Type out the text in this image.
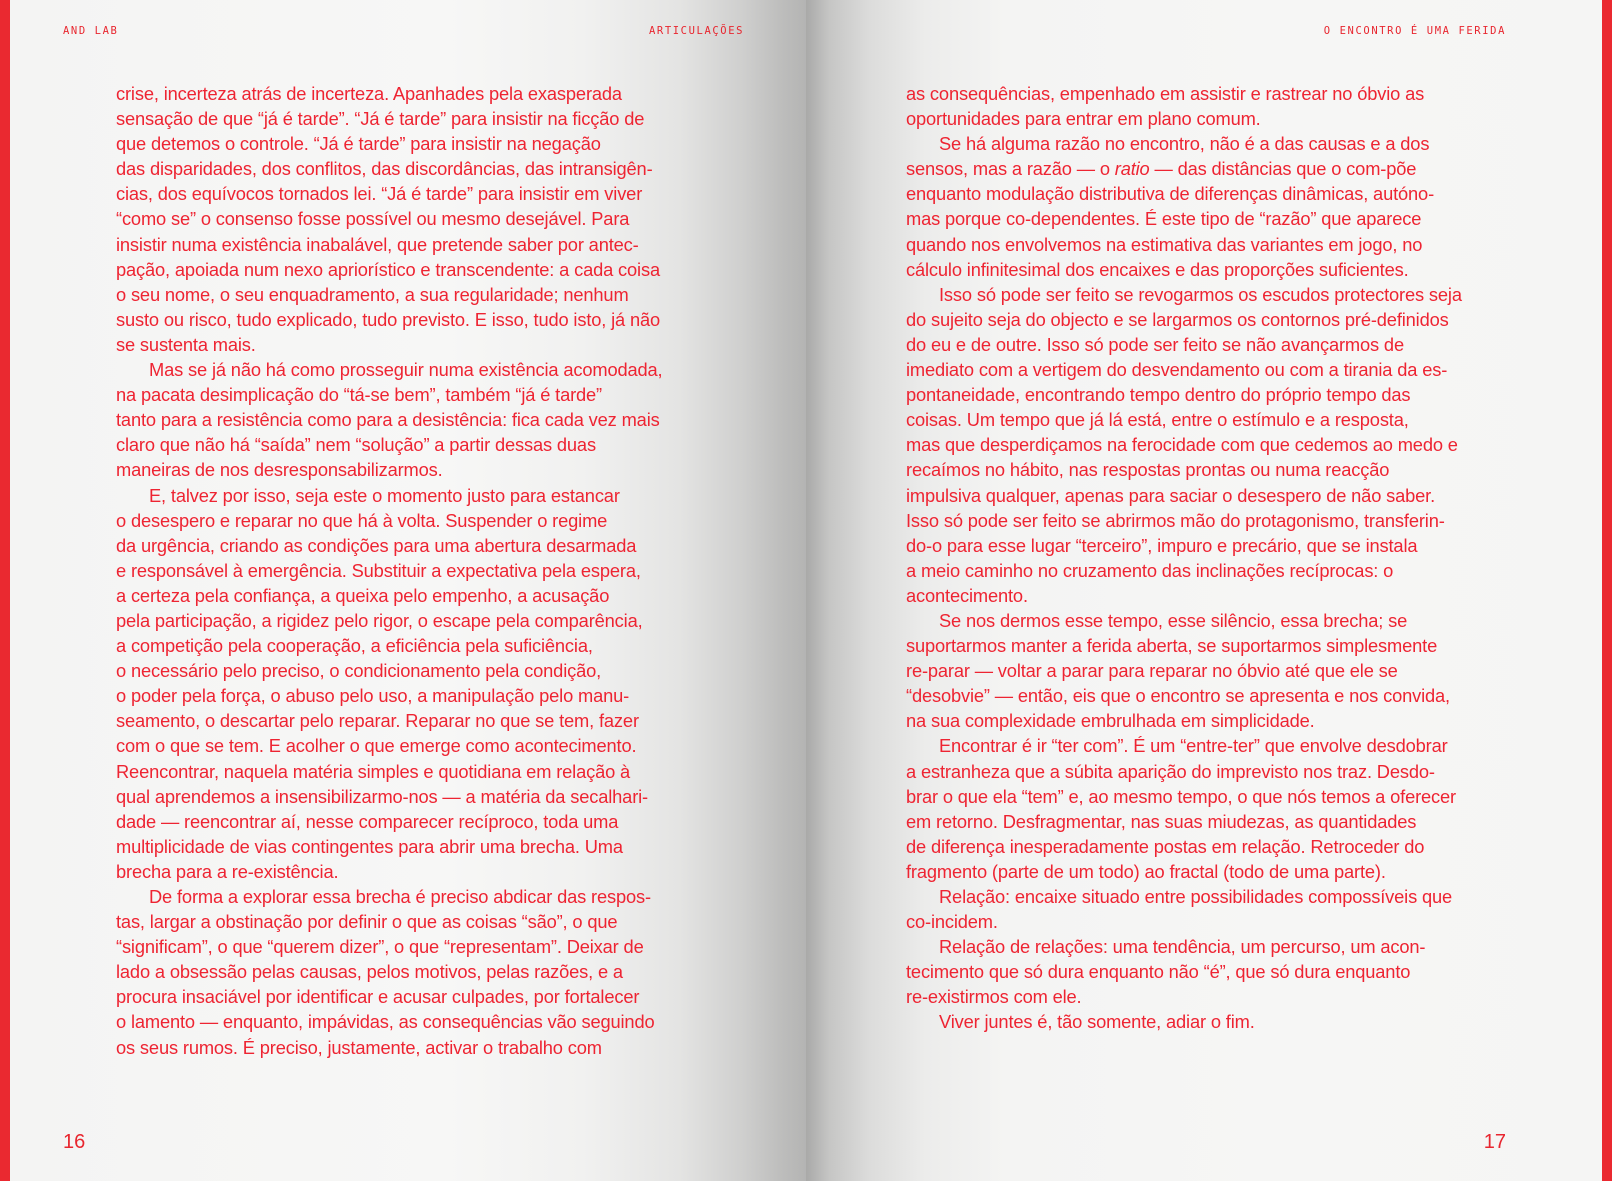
AND LAB	ARTICULAÇÕES

crise, incerteza atrás de incerteza. Apanhades pela exasperada
sensação de que “já é tarde”. “Já é tarde” para insistir na ficção de
que detemos o controle. “Já é tarde” para insistir na negação
das disparidades, dos conflitos, das discordâncias, das intransigên-
cias, dos equívocos tornados lei. “Já é tarde” para insistir em viver
“como se” o consenso fosse possível ou mesmo desejável. Para
insistir numa existência inabalável, que pretende saber por antec-
pação, apoiada num nexo apriorístico e transcendente: a cada coisa
o seu nome, o seu enquadramento, a sua regularidade; nenhum
susto ou risco, tudo explicado, tudo previsto. E isso, tudo isto, já não
se sustenta mais.

Mas se já não há como prosseguir numa existência acomodada,
na pacata desimplicação do “tá-se bem”, também “já é tarde”
tanto para a resistência como para a desistência: fica cada vez mais
claro que não há “saída” nem “solução” a partir dessas duas
maneiras de nos desresponsabilizarmos.

E, talvez por isso, seja este o momento justo para estancar
o desespero e reparar no que há à volta. Suspender o regime
da urgência, criando as condições para uma abertura desarmada
e responsável à emergência. Substituir a expectativa pela espera,
a certeza pela confiança, a queixa pelo empenho, a acusação
pela participação, a rigidez pelo rigor, o escape pela comparência,
a competição pela cooperação, a eficiência pela suficiência,
o necessário pelo preciso, o condicionamento pela condição,
o poder pela força, o abuso pelo uso, a manipulação pelo manu-
seamento, o descartar pelo reparar. Reparar no que se tem, fazer
com o que se tem. E acolher o que emerge como acontecimento.
Reencontrar, naquela matéria simples e quotidiana em relação à
qual aprendemos a insensibilizarmo-nos — a matéria da secalhari-
dade — reencontrar aí, nesse comparecer recíproco, toda uma
multiplicidade de vias contingentes para abrir uma brecha. Uma
brecha para a re-existência.

De forma a explorar essa brecha é preciso abdicar das respos-
tas, largar a obstinação por definir o que as coisas “são”, o que
“significam”, o que “querem dizer”, o que “representam”. Deixar de
lado a obsessão pelas causas, pelos motivos, pelas razões, e a
procura insaciável por identificar e acusar culpades, por fortalecer
o lamento — enquanto, impávidas, as consequências vão seguindo
os seus rumos. É preciso, justamente, activar o trabalho com

16
O ENCONTRO É UMA FERIDA

as consequências, empenhado em assistir e rastrear no óbvio as
oportunidades para entrar em plano comum.

Se há alguma razão no encontro, não é a das causas e a dos
sensos, mas a razão — o ratio — das distâncias que o com-põe
enquanto modulação distributiva de diferenças dinâmicas, autóno-
mas porque co-dependentes. É este tipo de “razão” que aparece
quando nos envolvemos na estimativa das variantes em jogo, no
cálculo infinitesimal dos encaixes e das proporções suficientes.

Isso só pode ser feito se revogarmos os escudos protectores seja
do sujeito seja do objecto e se largarmos os contornos pré-definidos
do eu e de outre. Isso só pode ser feito se não avançarmos de
imediato com a vertigem do desvendamento ou com a tirania da es-
pontaneidade, encontrando tempo dentro do próprio tempo das
coisas. Um tempo que já lá está, entre o estímulo e a resposta,
mas que desperdiçamos na ferocidade com que cedemos ao medo e
recaímos no hábito, nas respostas prontas ou numa reacção
impulsiva qualquer, apenas para saciar o desespero de não saber.
Isso só pode ser feito se abrirmos mão do protagonismo, transferin-
do-o para esse lugar “terceiro”, impuro e precário, que se instala
a meio caminho no cruzamento das inclinações recíprocas: o
acontecimento.

Se nos dermos esse tempo, esse silêncio, essa brecha; se
suportarmos manter a ferida aberta, se suportarmos simplesmente
re-parar — voltar a parar para reparar no óbvio até que ele se
“desobvie” — então, eis que o encontro se apresenta e nos convida,
na sua complexidade embrulhada em simplicidade.

Encontrar é ir “ter com”. É um “entre-ter” que envolve desdobrar
a estranheza que a súbita aparição do imprevisto nos traz. Desdo-
brar o que ela “tem” e, ao mesmo tempo, o que nós temos a oferecer
em retorno. Desfragmentar, nas suas miudezas, as quantidades
de diferença inesperadamente postas em relação. Retroceder do
fragmento (parte de um todo) ao fractal (todo de uma parte).

Relação: encaixe situado entre possibilidades compossíveis que
co-incidem.

Relação de relações: uma tendência, um percurso, um acon-
tecimento que só dura enquanto não “é”, que só dura enquanto
re-existirmos com ele.

Viver juntes é, tão somente, adiar o fim.

17
